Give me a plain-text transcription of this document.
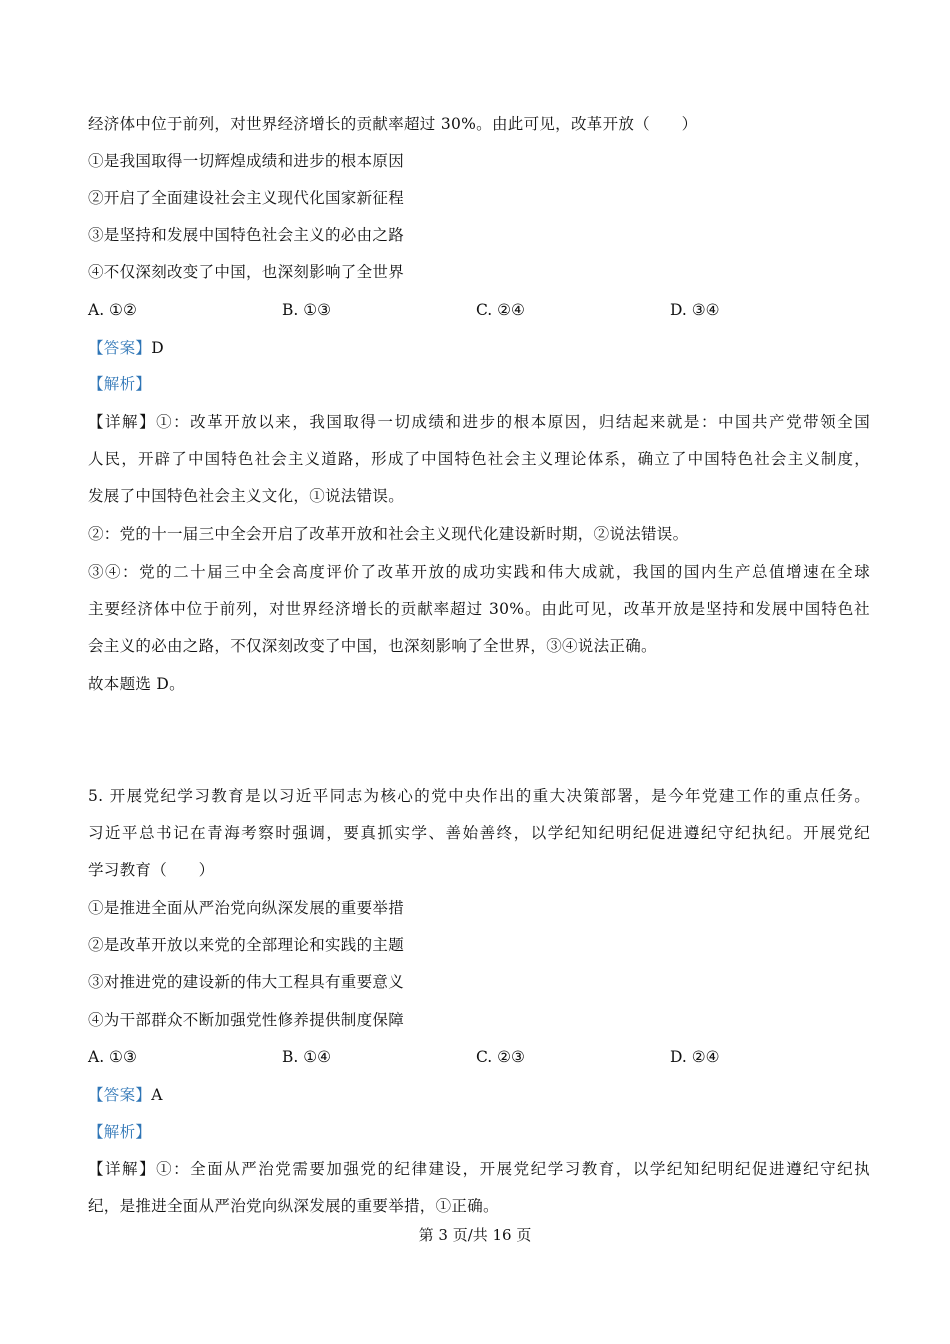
经济体中位于前列，对世界经济增长的贡献率超过 30%。由此可见，改革开放（　　）
①是我国取得一切辉煌成绩和进步的根本原因
②开启了全面建设社会主义现代化国家新征程
③是坚持和发展中国特色社会主义的必由之路
④不仅深刻改变了中国，也深刻影响了全世界
A. ①②	B. ①③	C. ②④	D. ③④
【答案】D
【解析】
【详解】①：改革开放以来，我国取得一切成绩和进步的根本原因，归结起来就是：中国共产党带领全国
人民，开辟了中国特色社会主义道路，形成了中国特色社会主义理论体系，确立了中国特色社会主义制度，
发展了中国特色社会主义文化，①说法错误。
②：党的十一届三中全会开启了改革开放和社会主义现代化建设新时期，②说法错误。
③④：党的二十届三中全会高度评价了改革开放的成功实践和伟大成就，我国的国内生产总值增速在全球
主要经济体中位于前列，对世界经济增长的贡献率超过 30%。由此可见，改革开放是坚持和发展中国特色社
会主义的必由之路，不仅深刻改变了中国，也深刻影响了全世界，③④说法正确。
故本题选 D。
5. 开展党纪学习教育是以习近平同志为核心的党中央作出的重大决策部署，是今年党建工作的重点任务。
习近平总书记在青海考察时强调，要真抓实学、善始善终，以学纪知纪明纪促进遵纪守纪执纪。开展党纪
学习教育（　　）
①是推进全面从严治党向纵深发展的重要举措
②是改革开放以来党的全部理论和实践的主题
③对推进党的建设新的伟大工程具有重要意义
④为干部群众不断加强党性修养提供制度保障
A. ①③	B. ①④	C. ②③	D. ②④
【答案】A
【解析】
【详解】①：全面从严治党需要加强党的纪律建设，开展党纪学习教育，以学纪知纪明纪促进遵纪守纪执
纪，是推进全面从严治党向纵深发展的重要举措，①正确。
第 3 页/共 16 页
